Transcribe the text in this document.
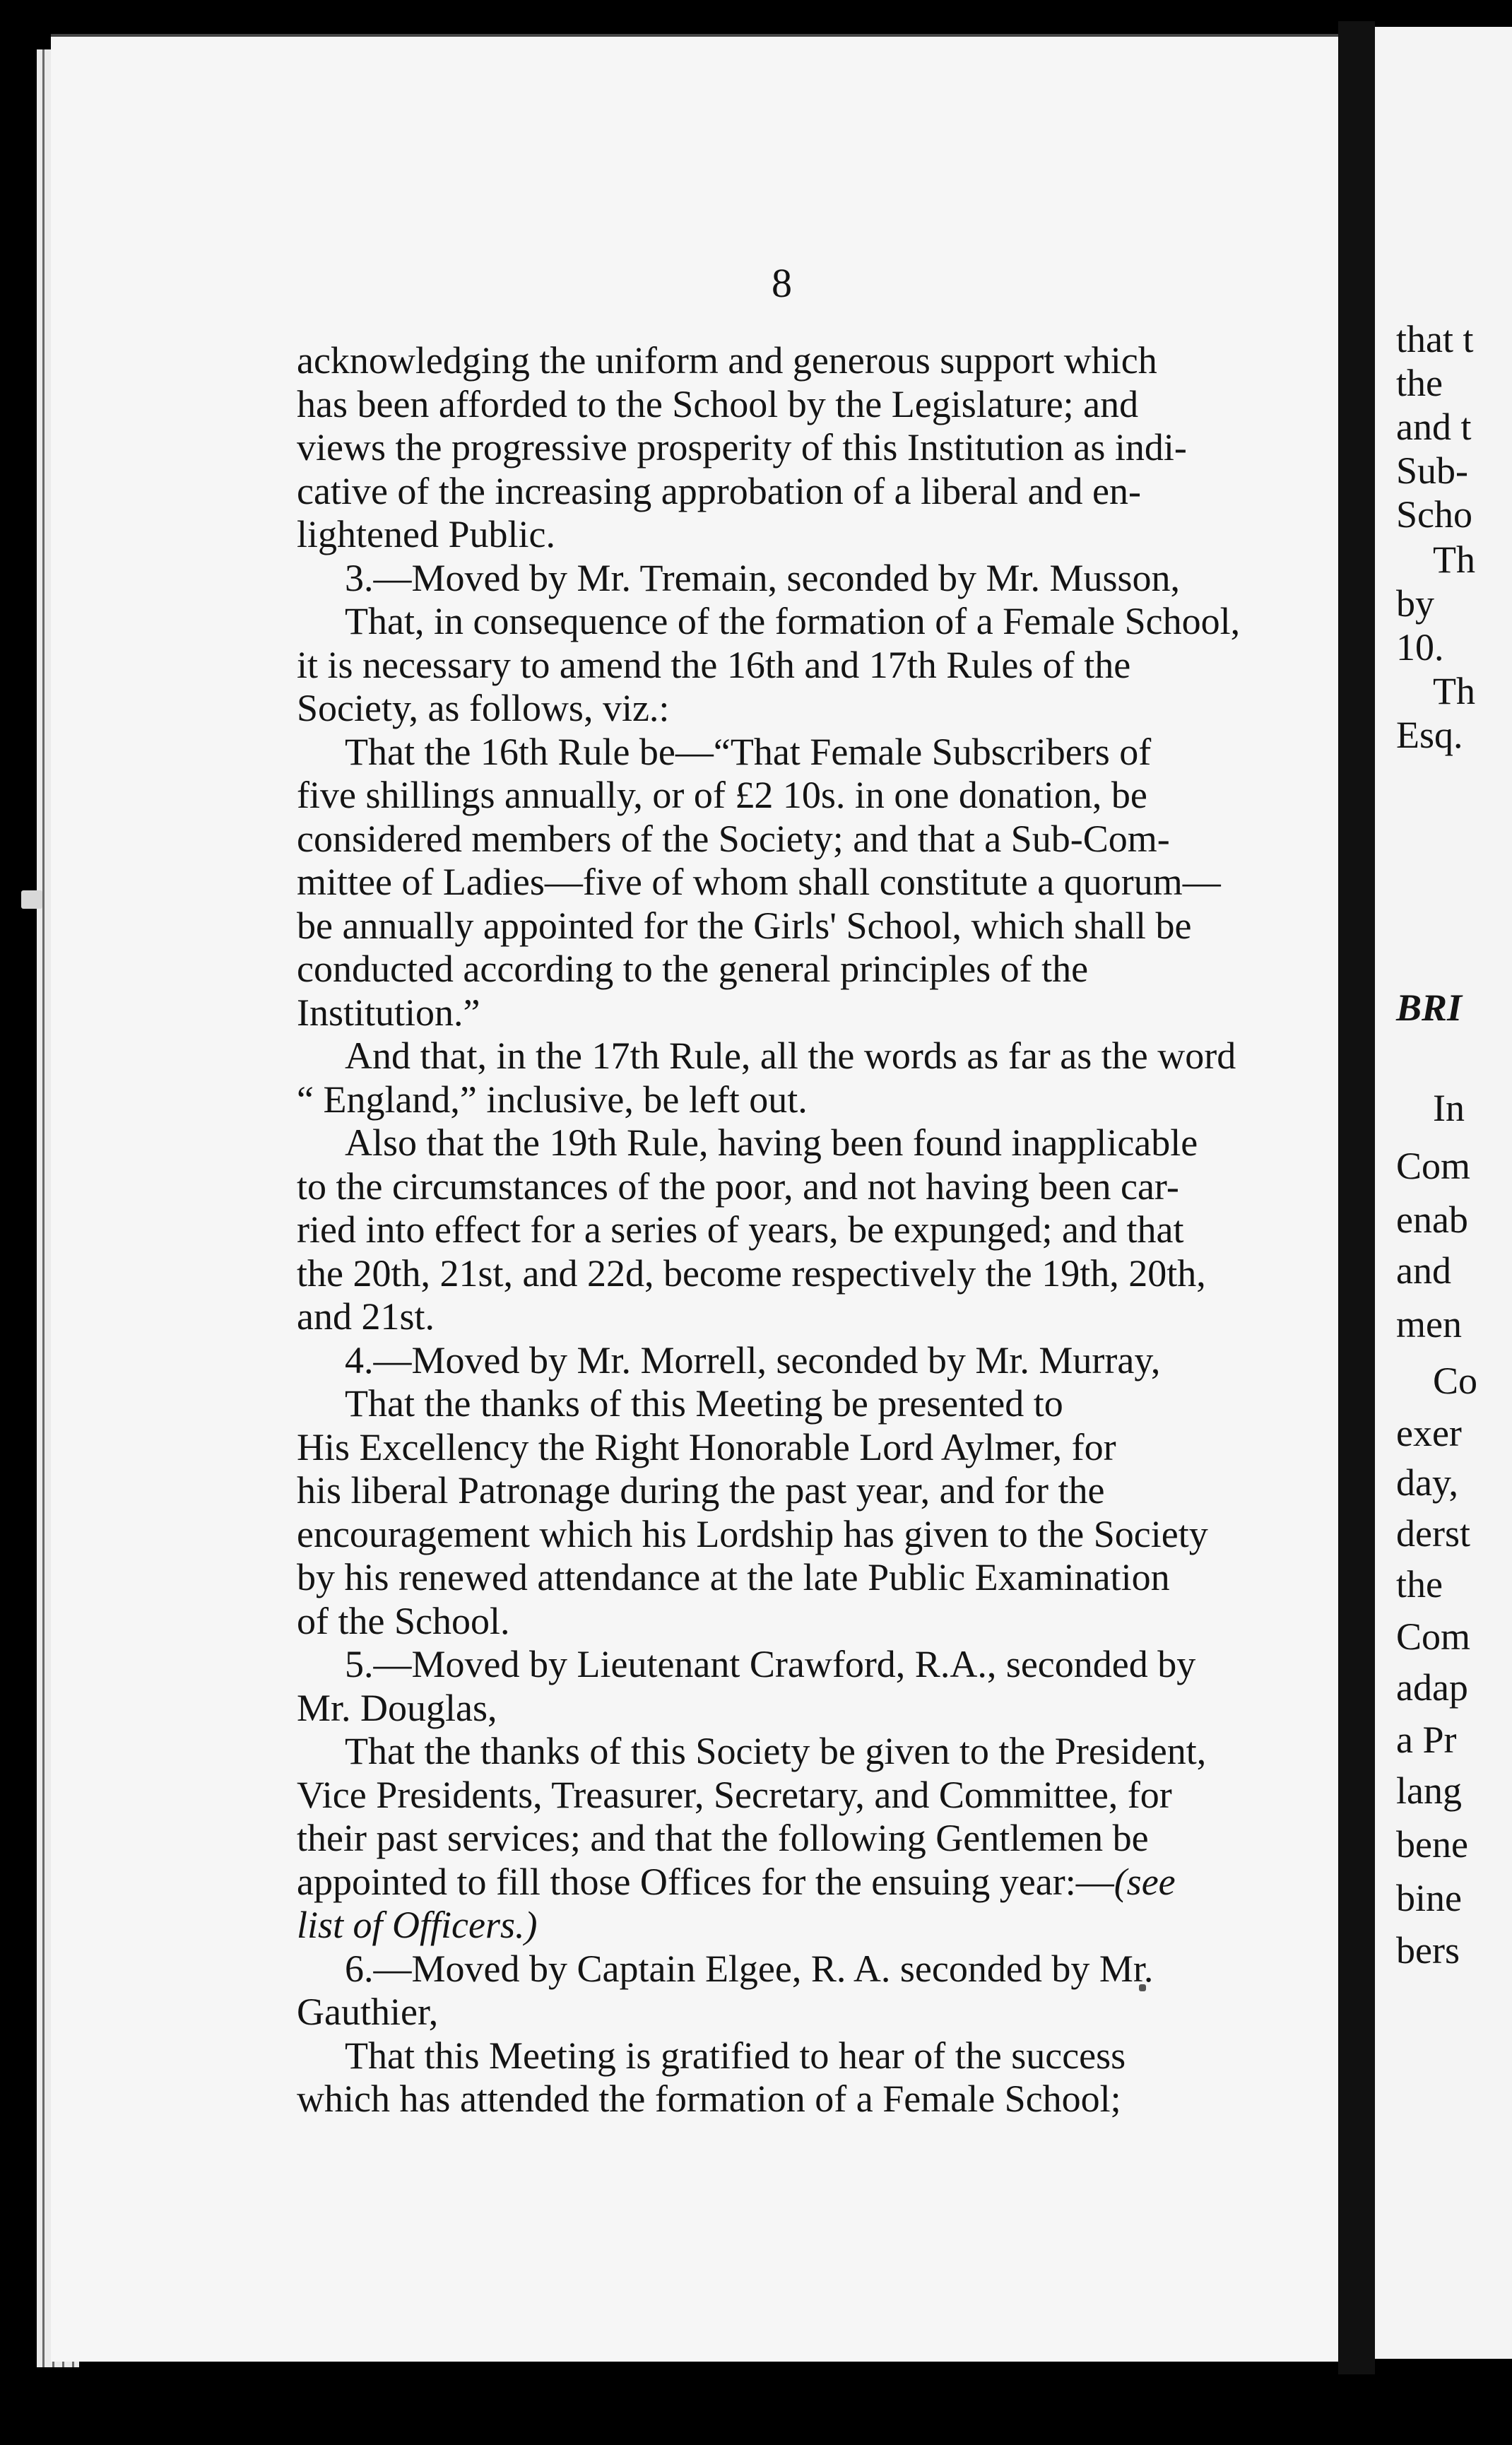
that t
the
and t
Sub-
Scho
Th
by
10.
Th
Esq.
BRI
In
Com
enab
and
men
Co
exer
day,
derst
the
Com
adap
a Pr
lang
bene
bine
bers
8

acknowledging the uniform and generous support which

has been afforded to the School by the Legislature; and

views the progressive prosperity of this Institution as indi-

cative of the increasing approbation of a liberal and en-

lightened Public.

3.—Moved by Mr. Tremain, seconded by Mr. Musson,

That, in consequence of the formation of a Female School,

it is necessary to amend the 16th and 17th Rules of the

Society, as follows, viz.:

That the 16th Rule be—“That Female Subscribers of

five shillings annually, or of £2 10s. in one donation, be

considered members of the Society; and that a Sub-Com-

mittee of Ladies—five of whom shall constitute a quorum—

be annually appointed for the Girls' School, which shall be

conducted according to the general principles of the

Institution.”

And that, in the 17th Rule, all the words as far as the word

“ England,” inclusive, be left out.

Also that the 19th Rule, having been found inapplicable

to the circumstances of the poor, and not having been car-

ried into effect for a series of years, be expunged; and that

the 20th, 21st, and 22d, become respectively the 19th, 20th,

and 21st.

4.—Moved by Mr. Morrell, seconded by Mr. Murray,

That the thanks of this Meeting be presented to

His Excellency the Right Honorable Lord Aylmer, for

his liberal Patronage during the past year, and for the

encouragement which his Lordship has given to the Society

by his renewed attendance at the late Public Examination

of the School.

5.—Moved by Lieutenant Crawford, R.A., seconded by

Mr. Douglas,

That the thanks of this Society be given to the President,

Vice Presidents, Treasurer, Secretary, and Committee, for

their past services; and that the following Gentlemen be

appointed to fill those Offices for the ensuing year:—(see

list of Officers.)

6.—Moved by Captain Elgee, R. A. seconded by Mr.

Gauthier,

That this Meeting is gratified to hear of the success

which has attended the formation of a Female School;
